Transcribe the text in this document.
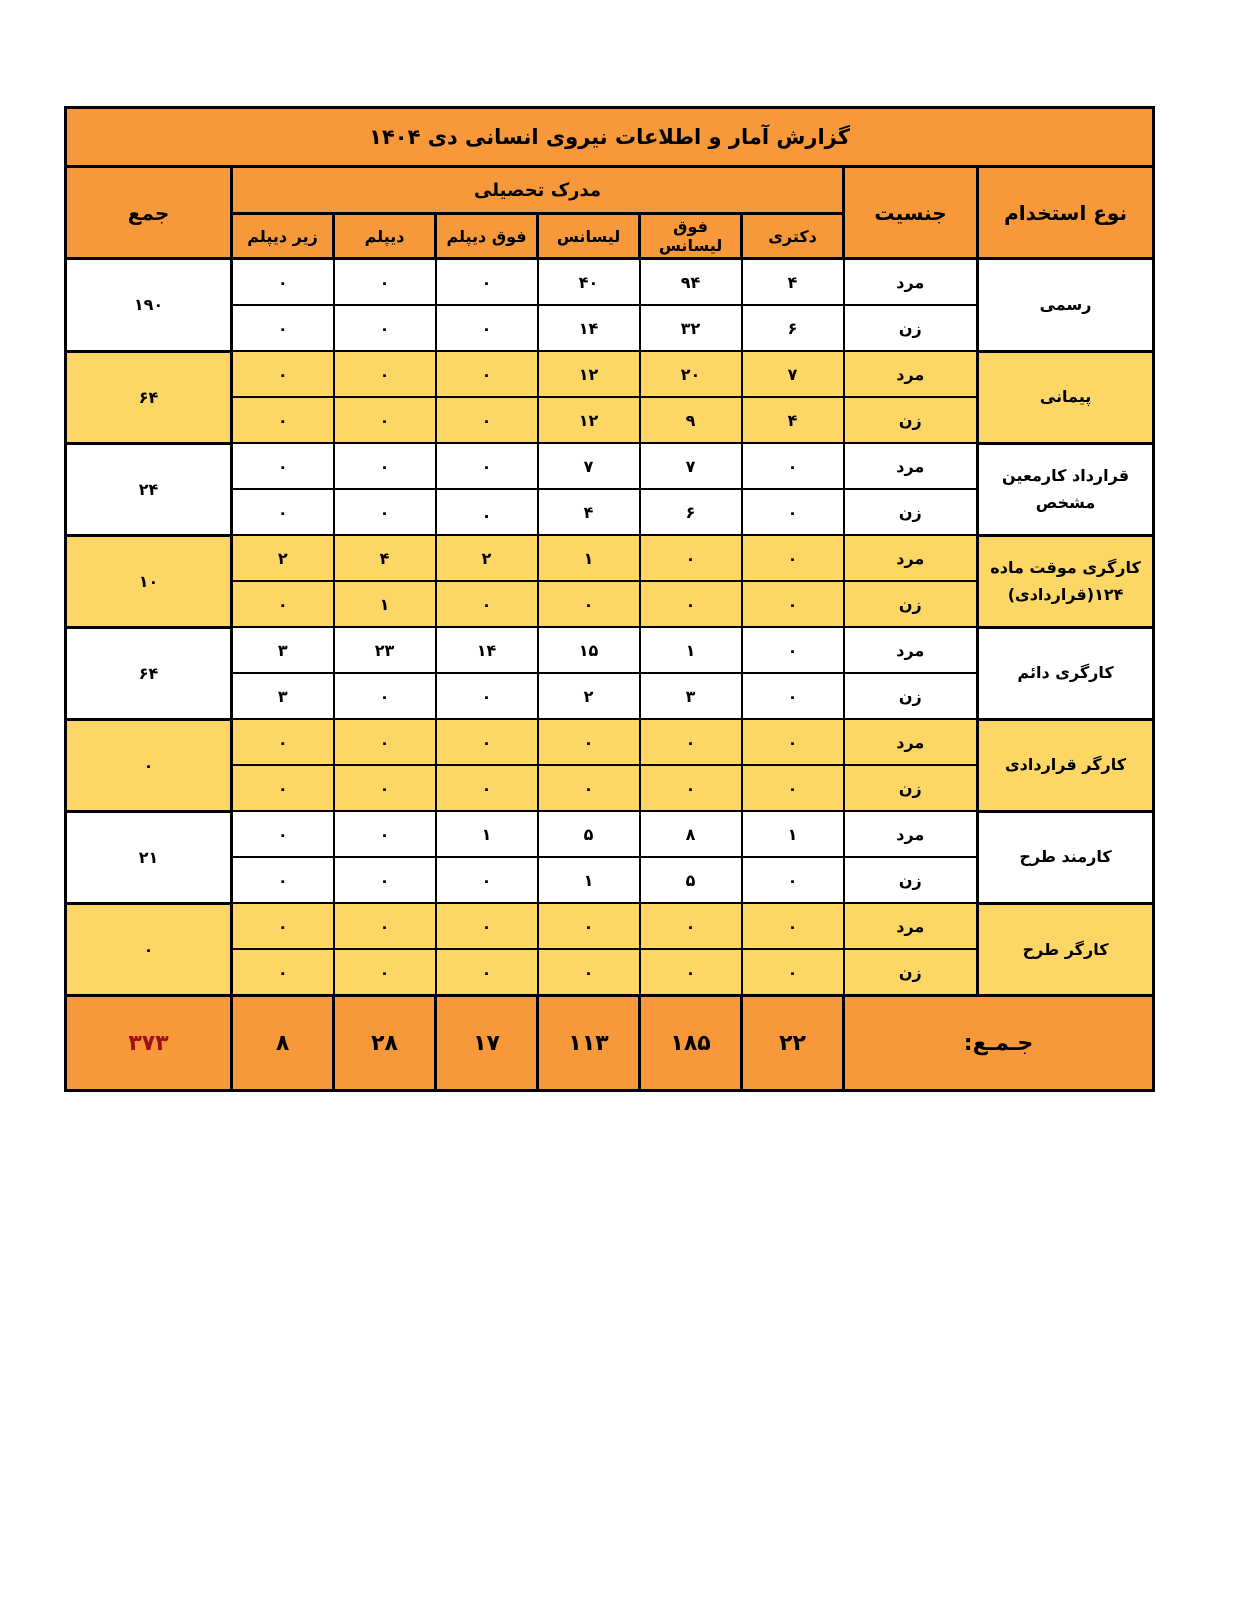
گزارش آمار و اطلاعات نیروی انسانی دی ۱۴۰۴								
نوع استخدام	جنسیت	مدرک تحصیلی						جمع
		دکتری	فوق لیسانس	لیسانس	فوق دیپلم	دیپلم	زیر دیپلم	
رسمی	مرد	۴	۹۴	۴۰	۰	۰	۰	۱۹۰
	زن	۶	۳۲	۱۴	۰	۰	۰	
پیمانی	مرد	۷	۲۰	۱۲	۰	۰	۰	۶۴
	زن	۴	۹	۱۲	۰	۰	۰	
قرارداد کارمعین مشخص	مرد	۰	۷	۷	۰	۰	۰	۲۴
	زن	۰	۶	۴	.	۰	۰	
کارگری موقت ماده ۱۲۴(قراردادی)	مرد	۰	۰	۱	۲	۴	۲	۱۰
	زن	۰	۰	۰	۰	۱	۰	
کارگری دائم	مرد	۰	۱	۱۵	۱۴	۲۳	۳	۶۴
	زن	۰	۳	۲	۰	۰	۳	
کارگر قراردادی	مرد	۰	۰	۰	۰	۰	۰	۰
	زن	۰	۰	۰	۰	۰	۰	
کارمند طرح	مرد	۱	۸	۵	۱	۰	۰	۲۱
	زن	۰	۵	۱	۰	۰	۰	
کارگر طرح	مرد	۰	۰	۰	۰	۰	۰	۰
	زن	۰	۰	۰	۰	۰	۰	
جـمـع:		۲۲	۱۸۵	۱۱۳	۱۷	۲۸	۸	۳۷۳
